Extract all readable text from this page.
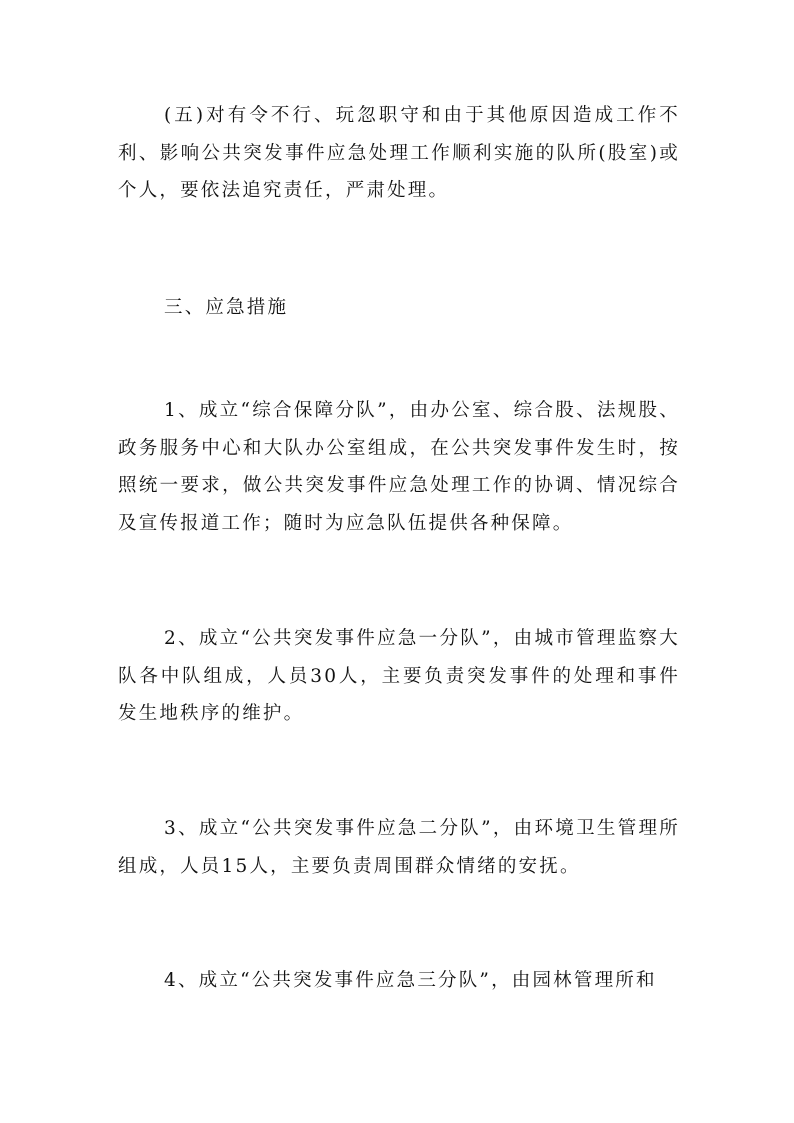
(五)对有令不行、玩忽职守和由于其他原因造成工作不利、影响公共突发事件应急处理工作顺利实施的队所(股室)或个人，要依法追究责任，严肃处理。

三、应急措施

1、成立“综合保障分队”，由办公室、综合股、法规股、政务服务中心和大队办公室组成，在公共突发事件发生时，按照统一要求，做公共突发事件应急处理工作的协调、情况综合及宣传报道工作；随时为应急队伍提供各种保障。

2、成立“公共突发事件应急一分队”，由城市管理监察大队各中队组成，人员30人，主要负责突发事件的处理和事件发生地秩序的维护。

3、成立“公共突发事件应急二分队”，由环境卫生管理所组成，人员15人，主要负责周围群众情绪的安抚。

4、成立“公共突发事件应急三分队”，由园林管理所和
